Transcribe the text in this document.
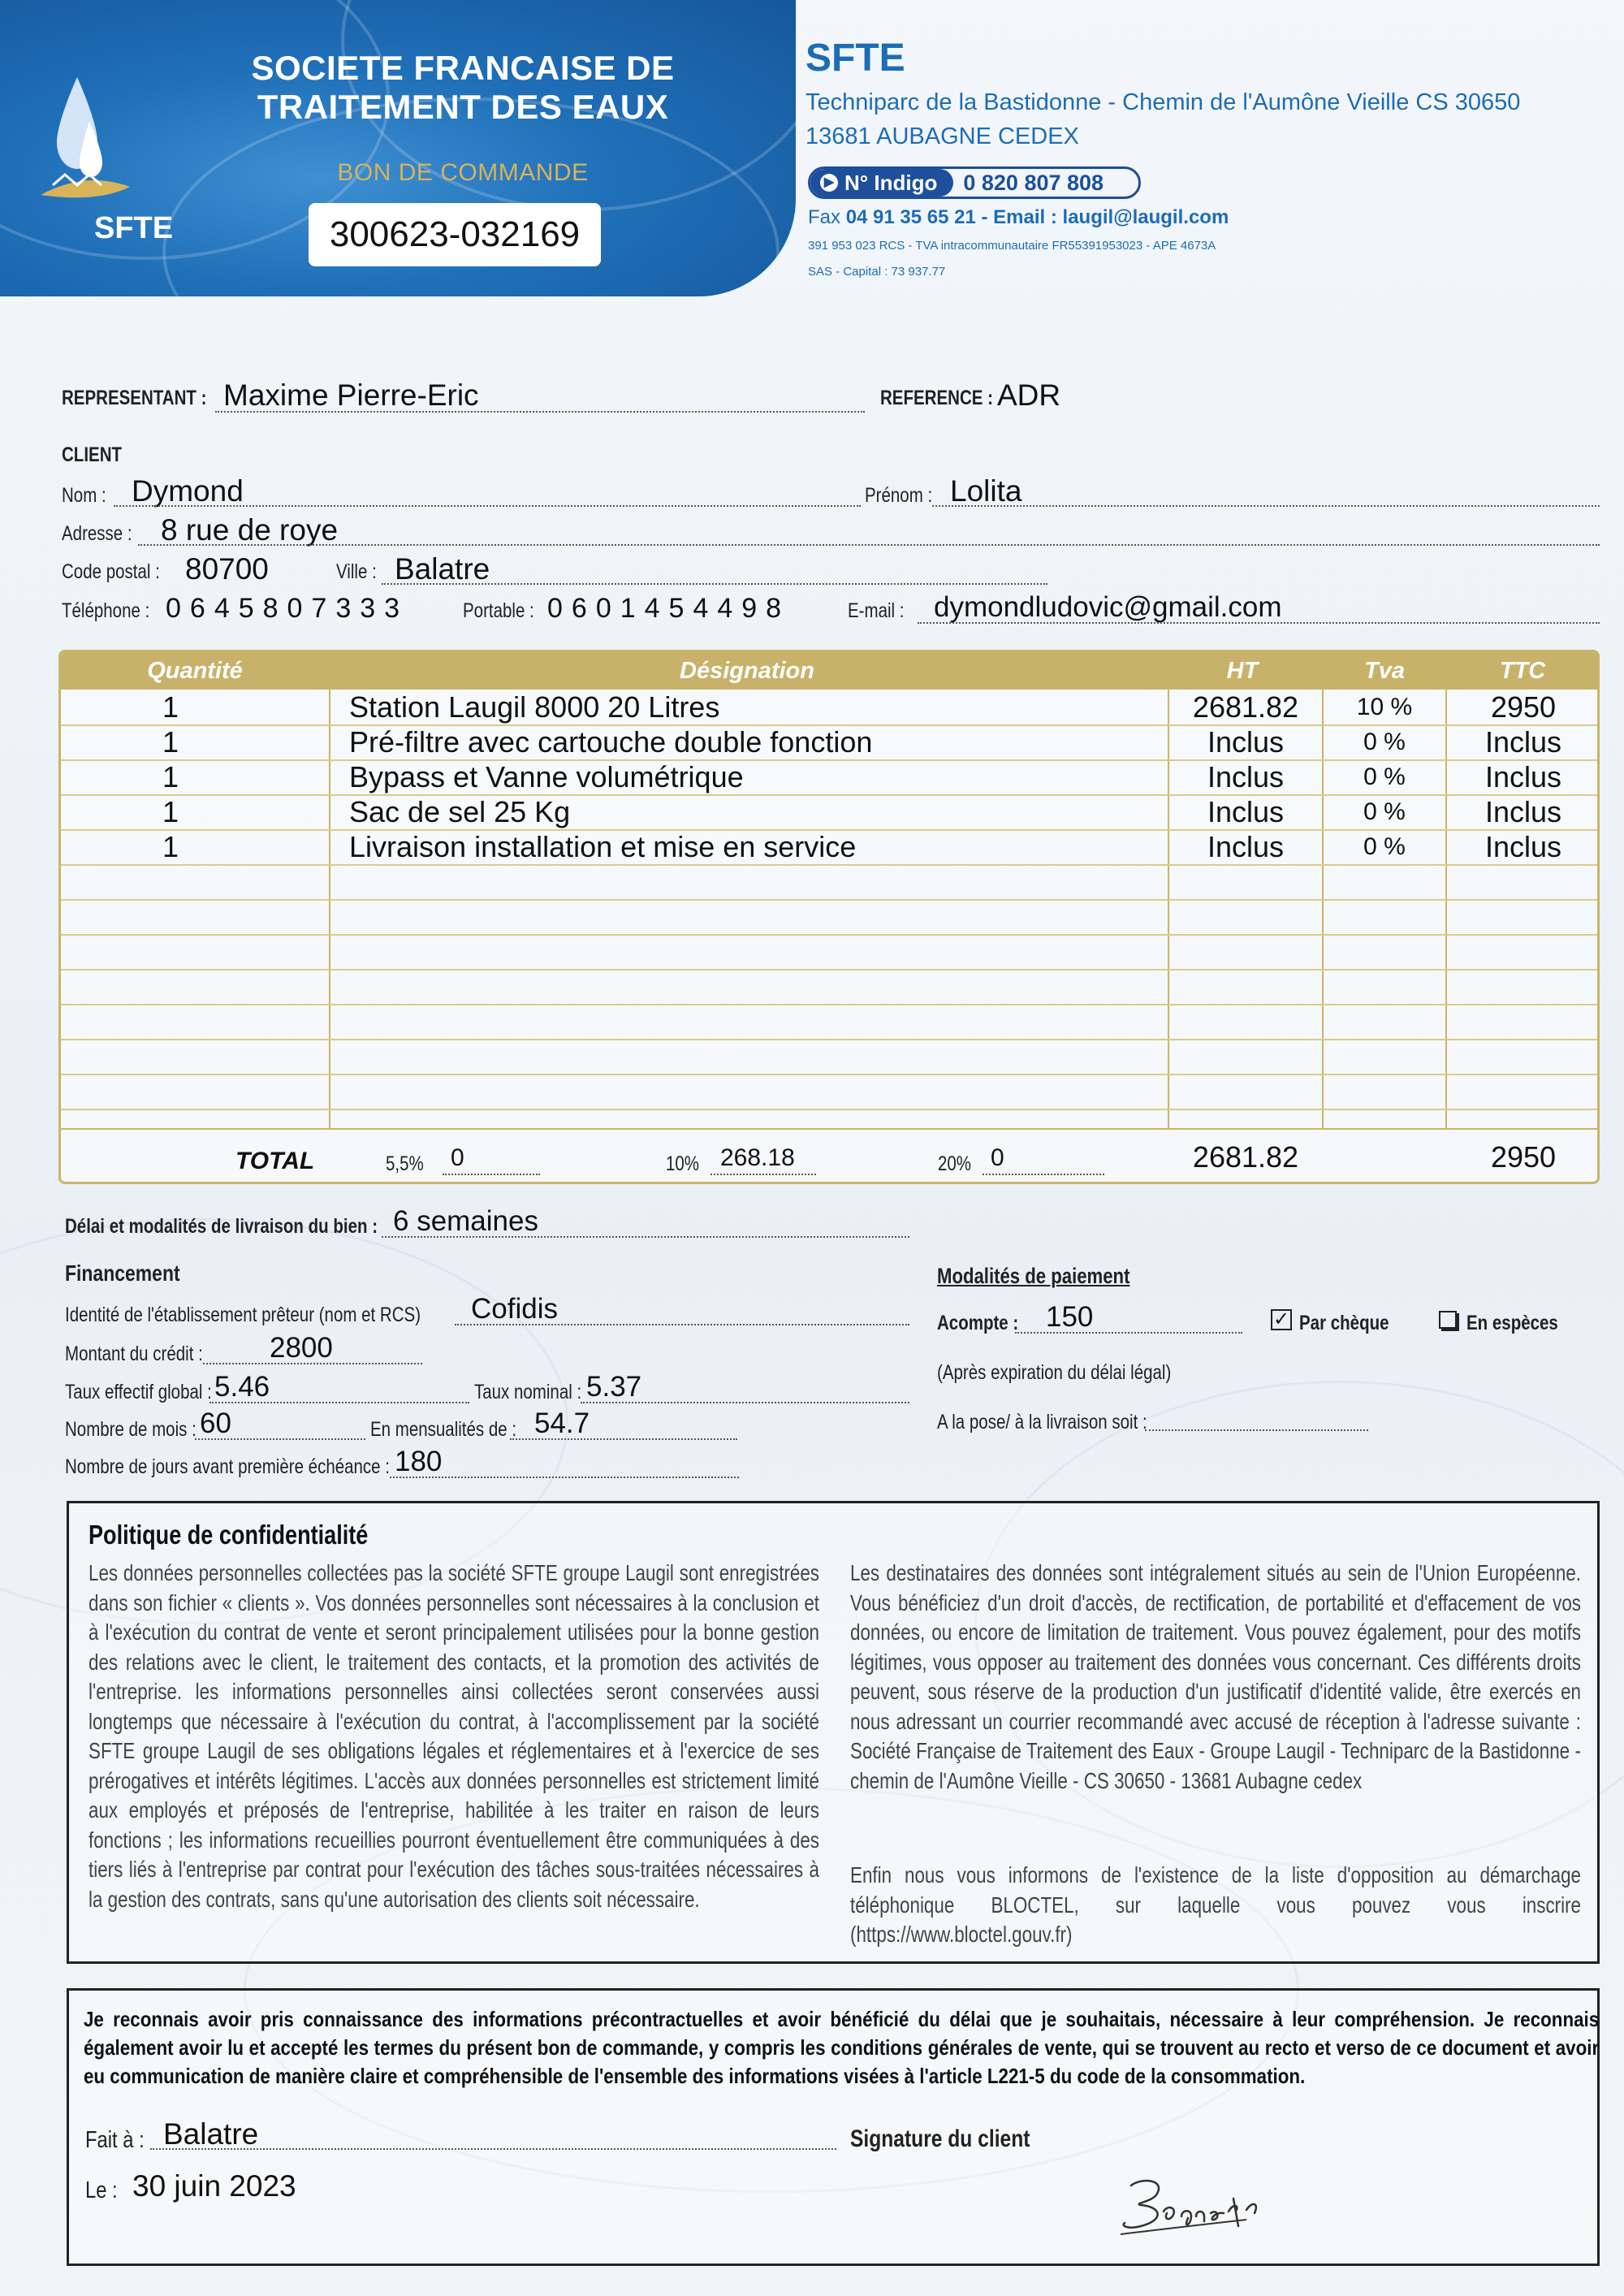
SFTE
SOCIETE FRANCAISE DE
TRAITEMENT DES EAUX
BON DE COMMANDE
300623-032169
SFTE
Techniparc de la Bastidonne - Chemin de l'Aumône Vieille CS 30650
13681 AUBAGNE CEDEX
▶ N° Indigo	0 820 807 808
Fax 04 91 35 65 21 - Email : laugil@laugil.com
391 953 023 RCS - TVA intracommunautaire FR55391953023 - APE 4673A
SAS - Capital : 73 937.77
REPRESENTANT : Maxime Pierre-Eric	REFERENCE : ADR
CLIENT
Nom : Dymond	Prénom : Lolita
Adresse : 8 rue de roye
Code postal : 80700	Ville : Balatre
Téléphone : 0645807333	Portable : 0601454498	E-mail : dymondludovic@gmail.com
Quantité	Désignation	HT	Tva	TTC
1	Station Laugil 8000 20 Litres	2681.82	10 %	2950
1	Pré-filtre avec cartouche double fonction	Inclus	0 %	Inclus
1	Bypass et Vanne volumétrique	Inclus	0 %	Inclus
1	Sac de sel 25 Kg	Inclus	0 %	Inclus
1	Livraison installation et mise en service	Inclus	0 %	Inclus
TOTAL	5,5% 0	10% 268.18	20% 0	2681.82	2950
Délai et modalités de livraison du bien : 6 semaines
Financement
Identité de l'établissement prêteur (nom et RCS) Cofidis
Montant du crédit : 2800
Taux effectif global : 5.46	Taux nominal : 5.37
Nombre de mois : 60	En mensualités de : 54.7
Nombre de jours avant première échéance : 180
Modalités de paiement
Acompte : 150	✓ Par chèque	En espèces
(Après expiration du délai légal)
A la pose/ à la livraison soit :
Politique de confidentialité
Les données personnelles collectées pas la société SFTE groupe Laugil sont enregistrées dans son fichier « clients ». Vos données personnelles sont nécessaires à la conclusion et à l'exécution du contrat de vente et seront principalement utilisées pour la bonne gestion des relations avec le client, le traitement des contacts, et la promotion des activités de l'entreprise. les informations personnelles ainsi collectées seront conservées aussi longtemps que nécessaire à l'exécution du contrat, à l'accomplissement par la société SFTE groupe Laugil de ses obligations légales et réglementaires et à l'exercice de ses prérogatives et intérêts légitimes. L'accès aux données personnelles est strictement limité aux employés et préposés de l'entreprise, habilitée à les traiter en raison de leurs fonctions ; les informations recueillies pourront éventuellement être communiquées à des tiers liés à l'entreprise par contrat pour l'exécution des tâches sous-traitées nécessaires à la gestion des contrats, sans qu'une autorisation des clients soit nécessaire.
Les destinataires des données sont intégralement situés au sein de l'Union Européenne. Vous bénéficiez d'un droit d'accès, de rectification, de portabilité et d'effacement de vos données, ou encore de limitation de traitement. Vous pouvez également, pour des motifs légitimes, vous opposer au traitement des données vous concernant. Ces différents droits peuvent, sous réserve de la production d'un justificatif d'identité valide, être exercés en nous adressant un courrier recommandé avec accusé de réception à l'adresse suivante : Société Française de Traitement des Eaux - Groupe Laugil - Techniparc de la Bastidonne - chemin de l'Aumône Vieille - CS 30650 - 13681 Aubagne cedex
Enfin nous vous informons de l'existence de la liste d'opposition au démarchage téléphonique BLOCTEL, sur laquelle vous pouvez vous inscrire (https://www.bloctel.gouv.fr)
Je reconnais avoir pris connaissance des informations précontractuelles et avoir bénéficié du délai que je souhaitais, nécessaire à leur compréhension. Je reconnais également avoir lu et accepté les termes du présent bon de commande, y compris les conditions générales de vente, qui se trouvent au recto et verso de ce document et avoir eu communication de manière claire et compréhensible de l'ensemble des informations visées à l'article L221-5 du code de la consommation.
Fait à : Balatre
Le : 30 juin 2023
Signature du client
